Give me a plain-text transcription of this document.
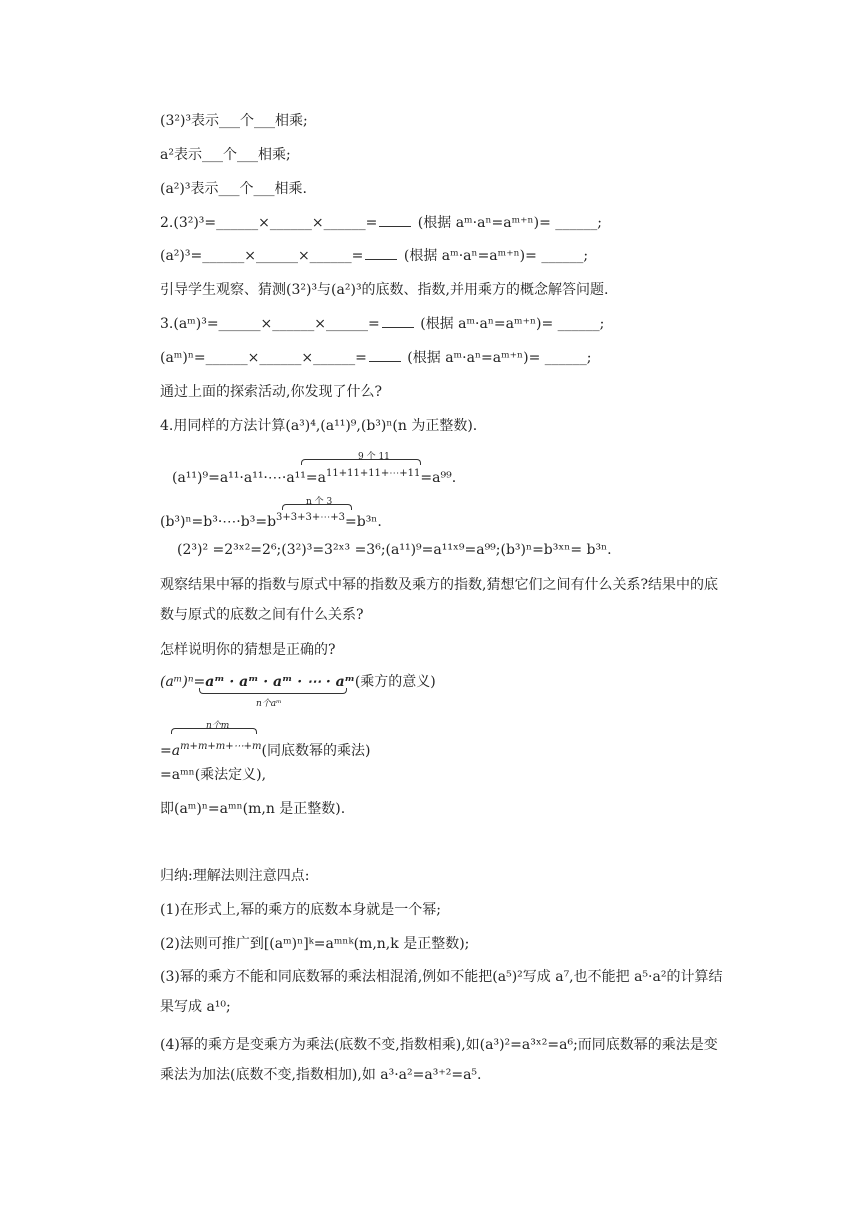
(3²)³表示___个___相乘;
a²表示___个___相乘;
(a²)³表示___个___相乘.
2.(3²)³=______×______×______=	(根据 aᵐ·aⁿ=aᵐ⁺ⁿ)= ______;
(a²)³=______×______×______=	(根据 aᵐ·aⁿ=aᵐ⁺ⁿ)= ______;
引导学生观察、猜测(3²)³与(a²)³的底数、指数,并用乘方的概念解答问题.
3.(aᵐ)³=______×______×______=	(根据 aᵐ·aⁿ=aᵐ⁺ⁿ)= ______;
(aᵐ)ⁿ=______×______×______=	(根据 aᵐ·aⁿ=aᵐ⁺ⁿ)= ______;
通过上面的探索活动,你发现了什么?
4.用同样的方法计算(a³)⁴,(a¹¹)⁹,(b³)ⁿ(n 为正整数).
9 个 11
$(a^{11})^9=a^{11}\cdot a^{11}\cdot\cdots\cdot a^{11}=a^{11+11+11+\cdots+11}=a^{99}$.
n 个 3
$(b^3)^n=b^3\cdot\cdots\cdot b^3=b^{3+3+3+\cdots+3}=b^{3n}$.
(2³)² =2³ˣ²=2⁶;(3²)³=3²ˣ³ =3⁶;(a¹¹)⁹=a¹¹ˣ⁹=a⁹⁹;(b³)ⁿ=b³ˣⁿ= b³ⁿ.
观察结果中幂的指数与原式中幂的指数及乘方的指数,猜想它们之间有什么关系?结果中的底数与原式的底数之间有什么关系?
怎样说明你的猜想是正确的?
(aᵐ)ⁿ=aᵐ · aᵐ · aᵐ · ⋯ · aᵐ(乘方的意义)
n个aᵐ
n个m
$=a^{m+m+m+\cdots+m}$(同底数幂的乘法)
=aᵐⁿ(乘法定义),
即(aᵐ)ⁿ=aᵐⁿ(m,n 是正整数).
归纳:理解法则注意四点:
(1)在形式上,幂的乘方的底数本身就是一个幂;
(2)法则可推广到[(aᵐ)ⁿ]ᵏ=aᵐⁿᵏ(m,n,k 是正整数);
(3)幂的乘方不能和同底数幂的乘法相混淆,例如不能把(a⁵)²写成 a⁷,也不能把 a⁵·a²的计算结果写成 a¹⁰;
(4)幂的乘方是变乘方为乘法(底数不变,指数相乘),如(a³)²=a³ˣ²=a⁶;而同底数幂的乘法是变乘法为加法(底数不变,指数相加),如 a³·a²=a³⁺²=a⁵.
